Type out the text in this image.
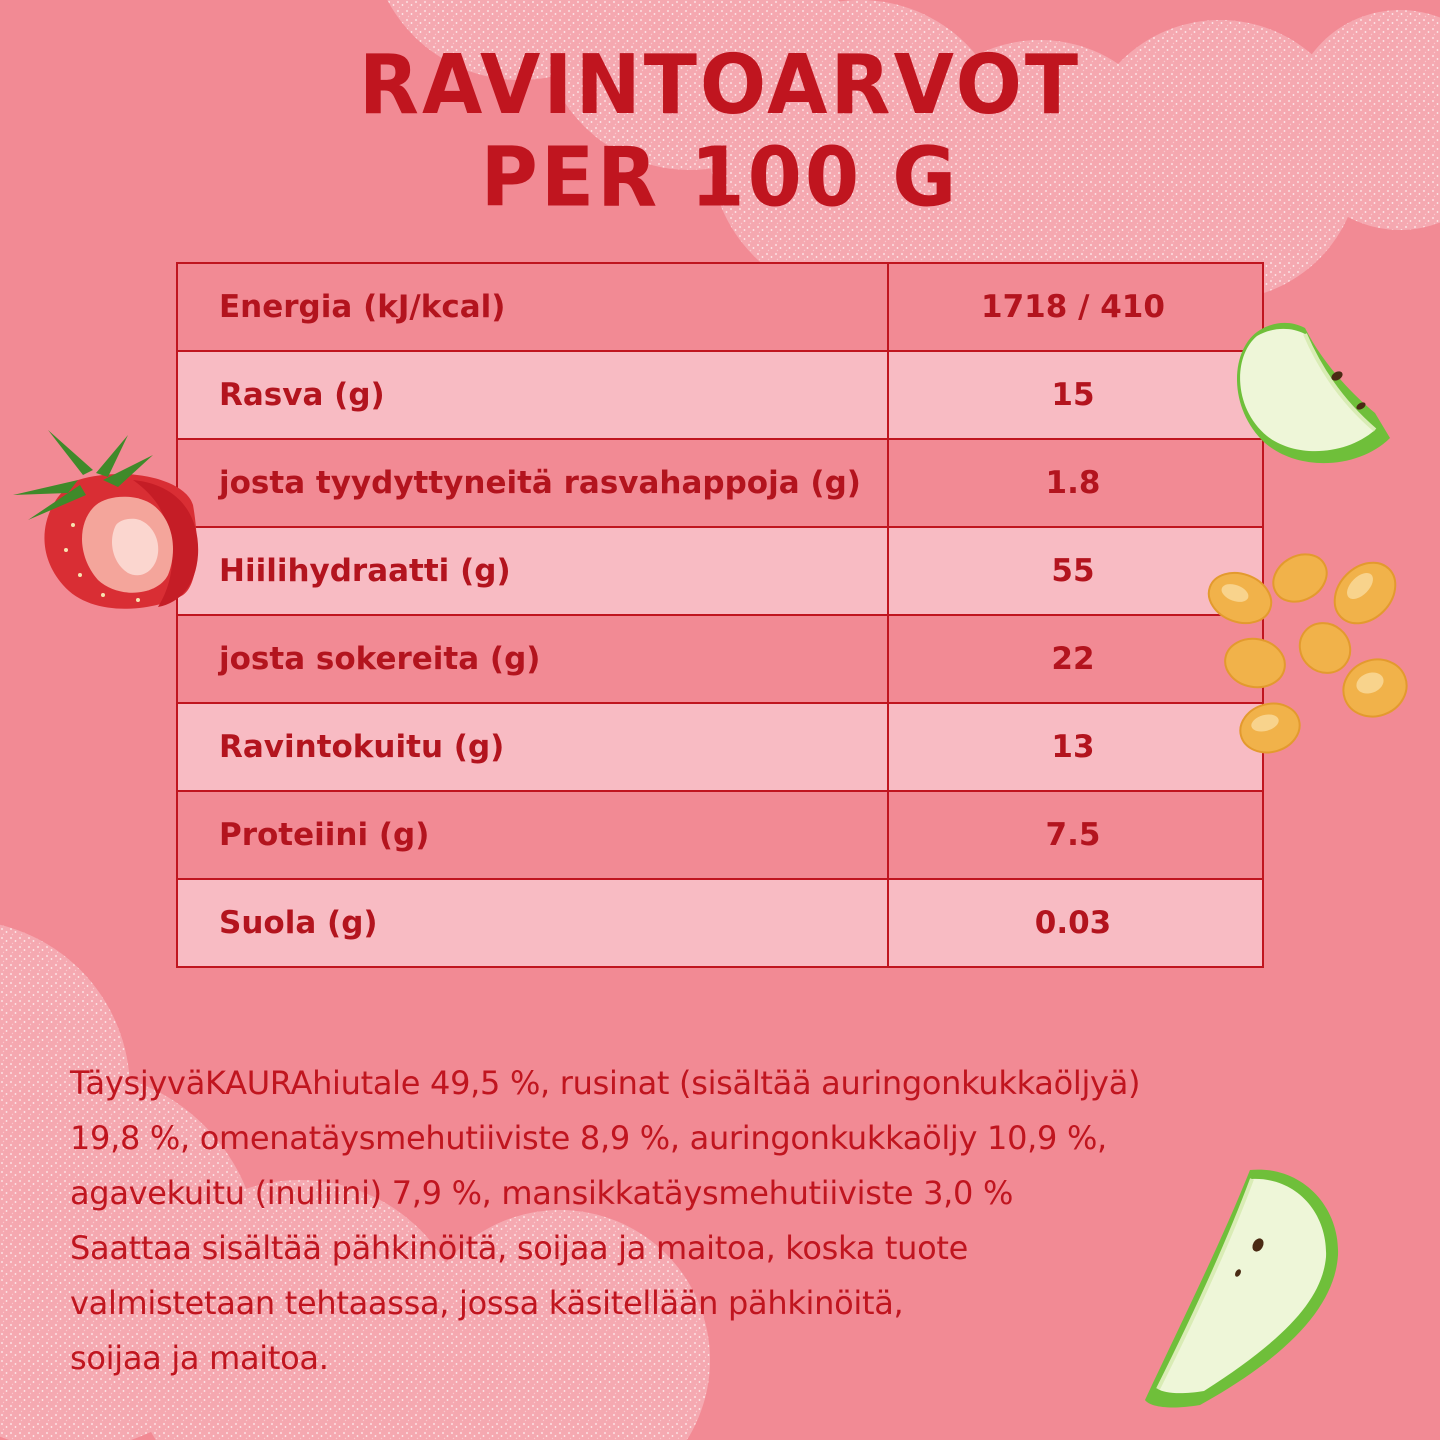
RAVINTOARVOT
PER 100 G
Energia (kJ/kcal)	1718 / 410
Rasva (g)	15
josta tyydyttyneitä rasvahappoja (g)	1.8
Hiilihydraatti (g)	55
josta sokereita (g)	22
Ravintokuitu (g)	13
Proteiini (g)	7.5
Suola (g)	0.03
TäysjyväKAURAhiutale 49,5 %, rusinat (sisältää auringonkukkaöljyä)
19,8 %, omenatäysmehutiiviste 8,9 %, auringonkukkaöljy 10,9 %,
agavekuitu (inuliini) 7,9 %, mansikkatäysmehutiiviste 3,0 %
Saattaa sisältää pähkinöitä, soijaa ja maitoa, koska tuote
valmistetaan tehtaassa, jossa käsitellään pähkinöitä,
soijaa ja maitoa.
